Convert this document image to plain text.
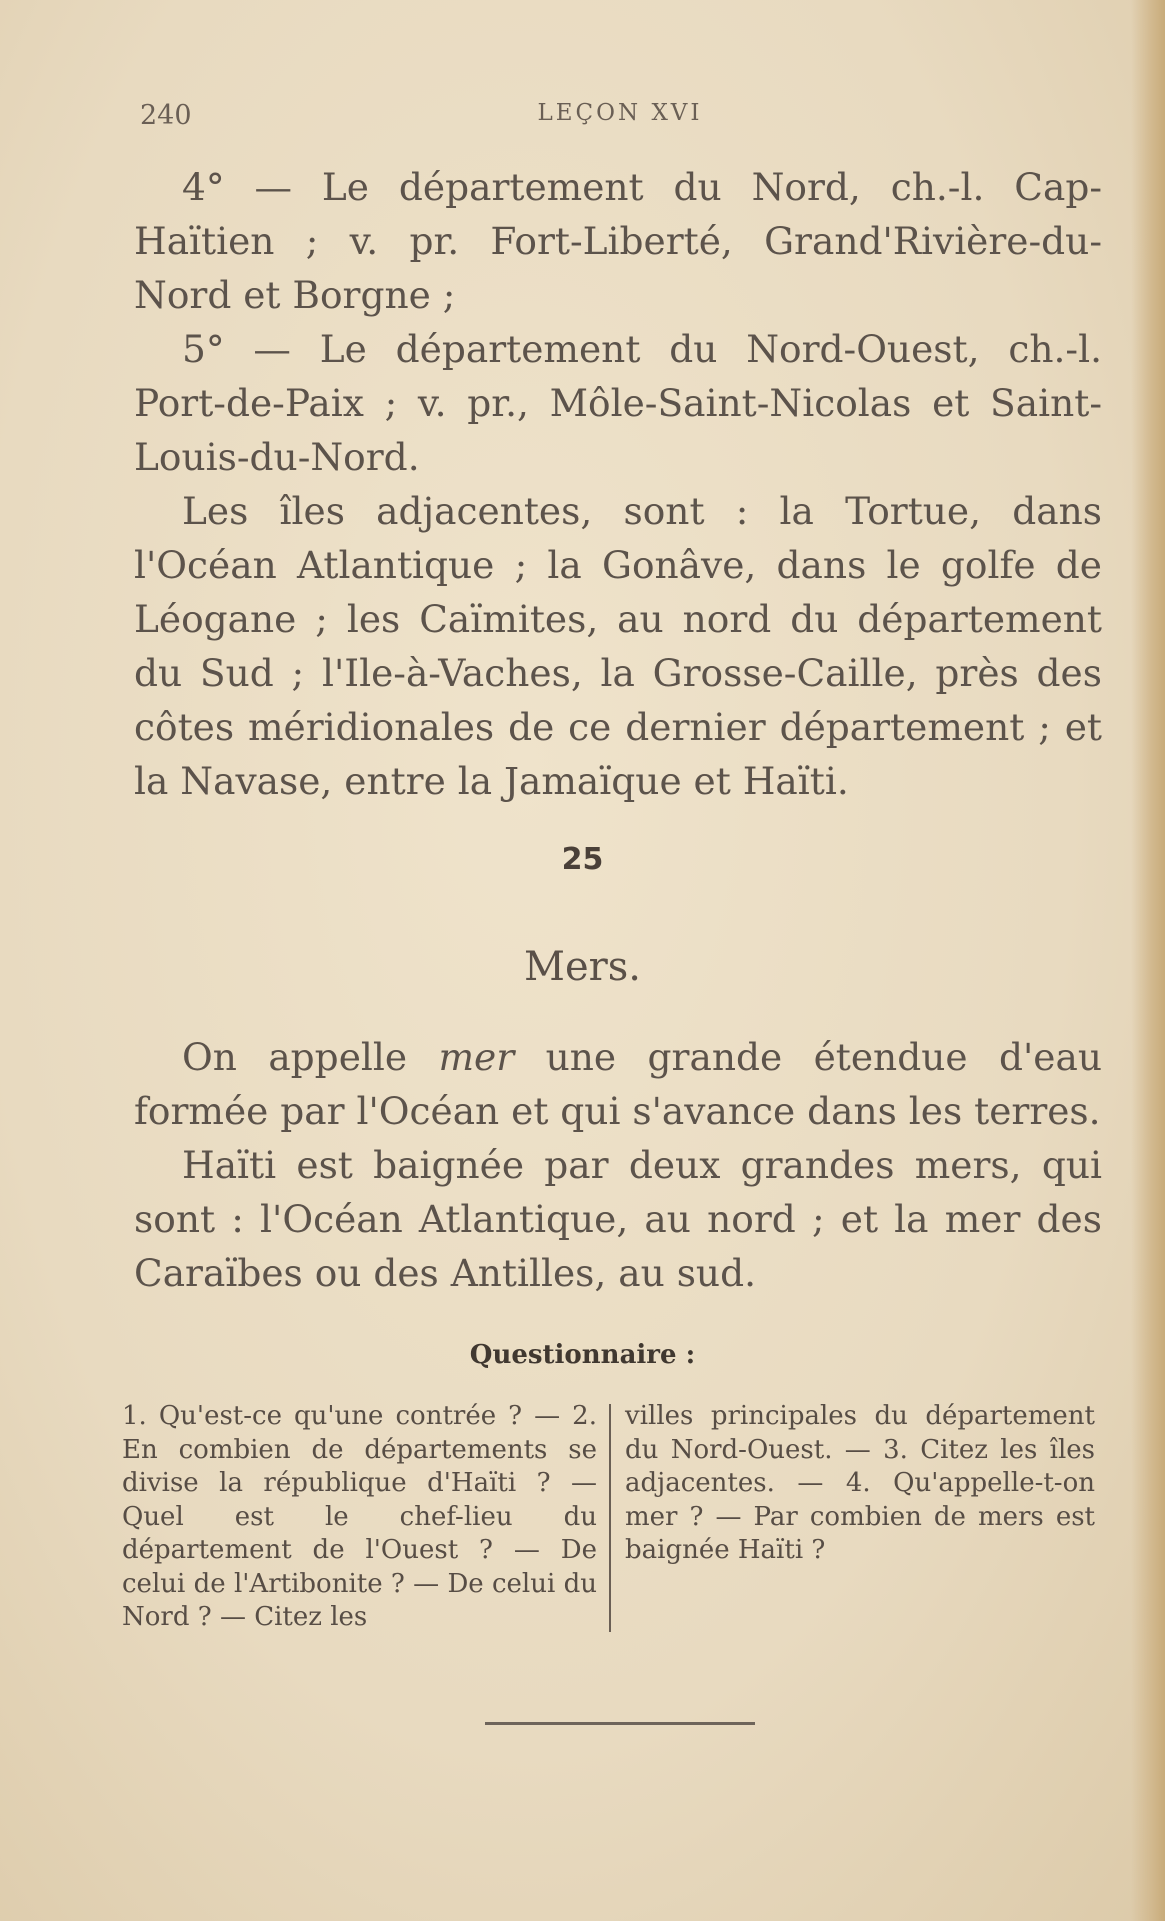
240	LEÇON XVI

4° — Le département du Nord, ch.-l. Cap-Haïtien ; v. pr. Fort-Liberté, Grand'Rivière-du-Nord et Borgne ;

5° — Le département du Nord-Ouest, ch.-l. Port-de-Paix ; v. pr., Môle-Saint-Nicolas et Saint-Louis-du-Nord.

Les îles adjacentes, sont : la Tortue, dans l'Océan Atlantique ; la Gonâve, dans le golfe de Léogane ; les Caïmites, au nord du département du Sud ; l'Ile-à-Vaches, la Grosse-Caille, près des côtes méridionales de ce dernier département ; et la Navase, entre la Jamaïque et Haïti.

25
Mers.

On appelle mer une grande étendue d'eau formée par l'Océan et qui s'avance dans les terres.

Haïti est baignée par deux grandes mers, qui sont : l'Océan Atlantique, au nord ; et la mer des Caraïbes ou des Antilles, au sud.

Questionnaire :
1. Qu'est-ce qu'une contrée ? — 2. En combien de départements se divise la république d'Haïti ? — Quel est le chef-lieu du département de l'Ouest ? — De celui de l'Artibonite ? — De celui du Nord ? — Citez les
villes principales du département du Nord-Ouest. — 3. Citez les îles adjacentes. — 4. Qu'appelle-t-on mer ? — Par combien de mers est baignée Haïti ?
